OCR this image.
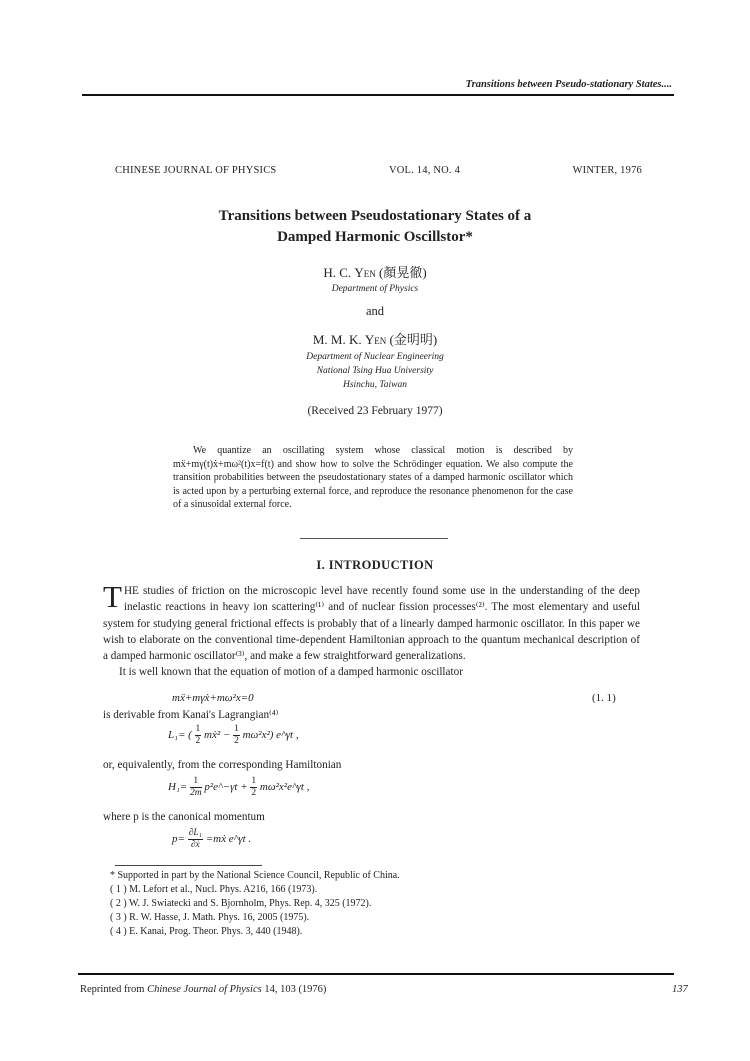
Transitions between Pseudo-stationary States....
CHINESE JOURNAL OF PHYSICS	VOL. 14, NO. 4	WINTER, 1976
Transitions between Pseudostationary States of a
Damped Harmonic Oscillstor*
H. C. Yen (顏晃徹)
Department of Physics
and
M. M. K. Yen (金明明)
Department of Nuclear Engineering
National Tsing Hua University
Hsinchu, Taiwan
(Received 23 February 1977)

We quantize an oscillating system whose classical motion is described by mẍ+mγ(t)ẋ+mω²(t)x=f(t) and show how to solve the Schrödinger equation. We also compute the transition probabilities between the pseudostationary states of a damped harmonic oscillator which is acted upon by a perturbing external force, and reproduce the resonance phenomenon for the case of a sinusoidal external force.

I. INTRODUCTION

THE studies of friction on the microscopic level have recently found some use in the understanding of the deep inelastic reactions in heavy ion scattering⁽¹⁾ and of nuclear fission processes⁽²⁾. The most elementary and useful system for studying general frictional effects is probably that of a linearly damped harmonic oscillator. In this paper we wish to elaborate on the conventional time-dependent Hamiltonian approach to the quantum mechanical description of a damped harmonic oscillator⁽³⁾, and make a few straightforward generalizations.

It is well known that the equation of motion of a damped harmonic oscillator

mẍ+mγẋ+mω²x=0	(1. 1)
is derivable from Kanai's Lagrangian⁽⁴⁾
L₁= ( $\frac{1}{2}$ mẋ² − $\frac{1}{2} m\omega^2x^2$) e^γt ,
or, equivalently, from the corresponding Hamiltonian
$H_1= \frac{1}{2m}$ p²e^−γt + $\frac{1}{2}$ mω²x²e^γt ,
where p is the canonical momentum
$p= \frac{\text{∂L₁}}{\text{∂ẋ}}$ =mẋ e^γt .
* Supported in part by the National Science Council, Republic of China.
( 1 ) M. Lefort et al., Nucl. Phys. A216, 166 (1973).
( 2 ) W. J. Swiatecki and S. Bjornholm, Phys. Rep. 4, 325 (1972).
( 3 ) R. W. Hasse, J. Math. Phys. 16, 2005 (1975).
( 4 ) E. Kanai, Prog. Theor. Phys. 3, 440 (1948).
Reprinted from Chinese Journal of Physics 14, 103 (1976)	137
